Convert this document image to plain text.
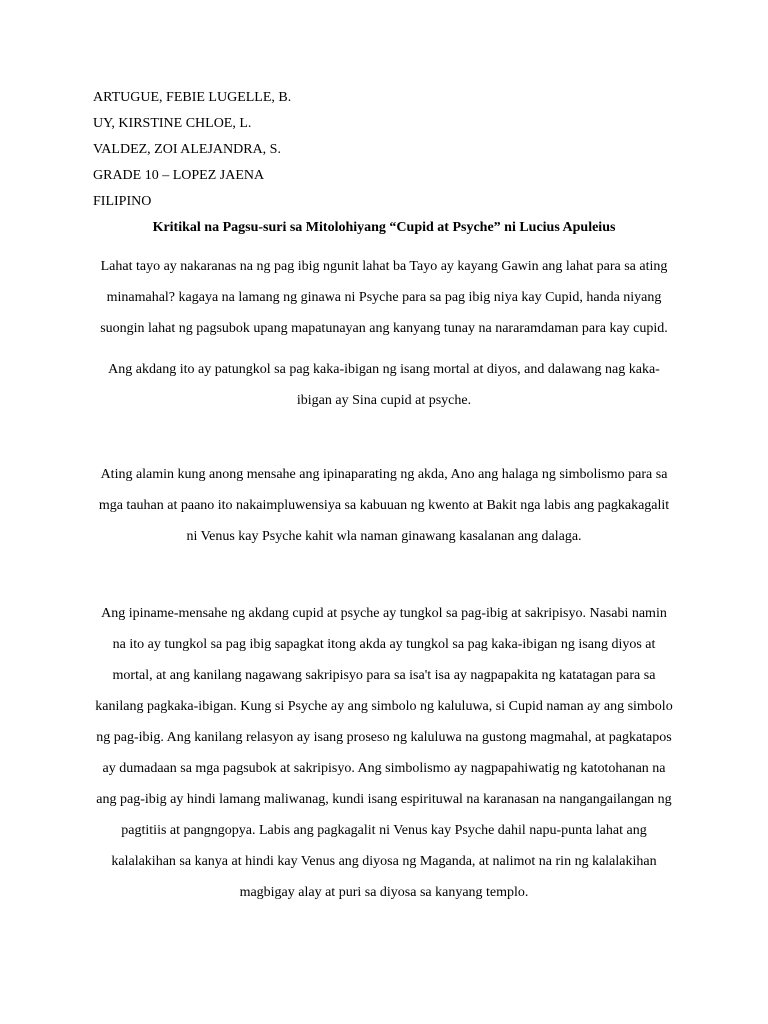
ARTUGUE, FEBIE LUGELLE, B.

UY, KIRSTINE CHLOE, L.

VALDEZ, ZOI ALEJANDRA, S.

GRADE 10 – LOPEZ JAENA

FILIPINO

Kritikal na Pagsu-suri sa Mitolohiyang “Cupid at Psyche” ni Lucius Apuleius

Lahat tayo ay nakaranas na ng pag ibig ngunit lahat ba Tayo ay kayang Gawin ang lahat para sa ating minamahal? kagaya na lamang ng ginawa ni Psyche para sa pag ibig niya kay Cupid, handa niyang suongin lahat ng pagsubok upang mapatunayan ang kanyang tunay na nararamdaman para kay cupid.

Ang akdang ito ay patungkol sa pag kaka-ibigan ng isang mortal at diyos, and dalawang nag kaka-ibigan ay Sina cupid at psyche.

Ating alamin kung anong mensahe ang ipinaparating ng akda, Ano ang halaga ng simbolismo para sa mga tauhan at paano ito nakaimpluwensiya sa kabuuan ng kwento at Bakit nga labis ang pagkakagalit ni Venus kay Psyche kahit wla naman ginawang kasalanan ang dalaga.

Ang ipiname-mensahe ng akdang cupid at psyche ay tungkol sa pag-ibig at sakripisyo. Nasabi namin na ito ay tungkol sa pag ibig sapagkat itong akda ay tungkol sa pag kaka-ibigan ng isang diyos at mortal, at ang kanilang nagawang sakripisyo para sa isa't isa ay nagpapakita ng katatagan para sa kanilang pagkaka-ibigan. Kung si Psyche ay ang simbolo ng kaluluwa, si Cupid naman ay ang simbolo ng pag-ibig. Ang kanilang relasyon ay isang proseso ng kaluluwa na gustong magmahal, at pagkatapos ay dumadaan sa mga pagsubok at sakripisyo. Ang simbolismo ay nagpapahiwatig ng katotohanan na ang pag-ibig ay hindi lamang maliwanag, kundi isang espirituwal na karanasan na nangangailangan ng pagtitiis at pangngopya. Labis ang pagkagalit ni Venus kay Psyche dahil napu-punta lahat ang kalalakihan sa kanya at hindi kay Venus ang diyosa ng Maganda, at nalimot na rin ng kalalakihan magbigay alay at puri sa diyosa sa kanyang templo.
